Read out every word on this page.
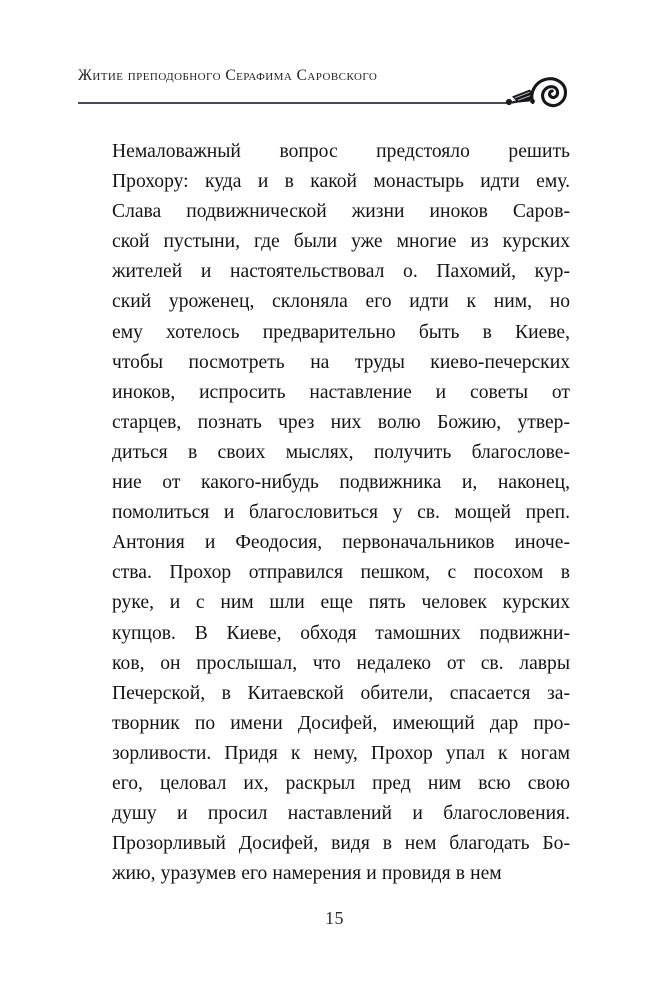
Житие преподобного Серафима Саровского

Немаловажный вопрос предстояло решить
Прохору: куда и в какой монастырь идти ему.
Слава подвижнической жизни иноков Саров-
ской пустыни, где были уже многие из курских
жителей и настоятельствовал о. Пахомий, кур-
ский уроженец, склоняла его идти к ним, но
ему хотелось предварительно быть в Киеве,
чтобы посмотреть на труды киево-печерских
иноков, испросить наставление и советы от
старцев, познать чрез них волю Божию, утвер-
диться в своих мыслях, получить благослове-
ние от какого-нибудь подвижника и, наконец,
помолиться и благословиться у св. мощей преп.
Антония и Феодосия, первоначальников иноче-
ства. Прохор отправился пешком, с посохом в
руке, и с ним шли еще пять человек курских
купцов. В Киеве, обходя тамошних подвижни-
ков, он прослышал, что недалеко от св. лавры
Печерской, в Китаевской обители, спасается за-
творник по имени Досифей, имеющий дар про-
зорливости. Придя к нему, Прохор упал к ногам
его, целовал их, раскрыл пред ним всю свою
душу и просил наставлений и благословения.
Прозорливый Досифей, видя в нем благодать Бо-
жию, уразумев его намерения и провидя в нем

15
